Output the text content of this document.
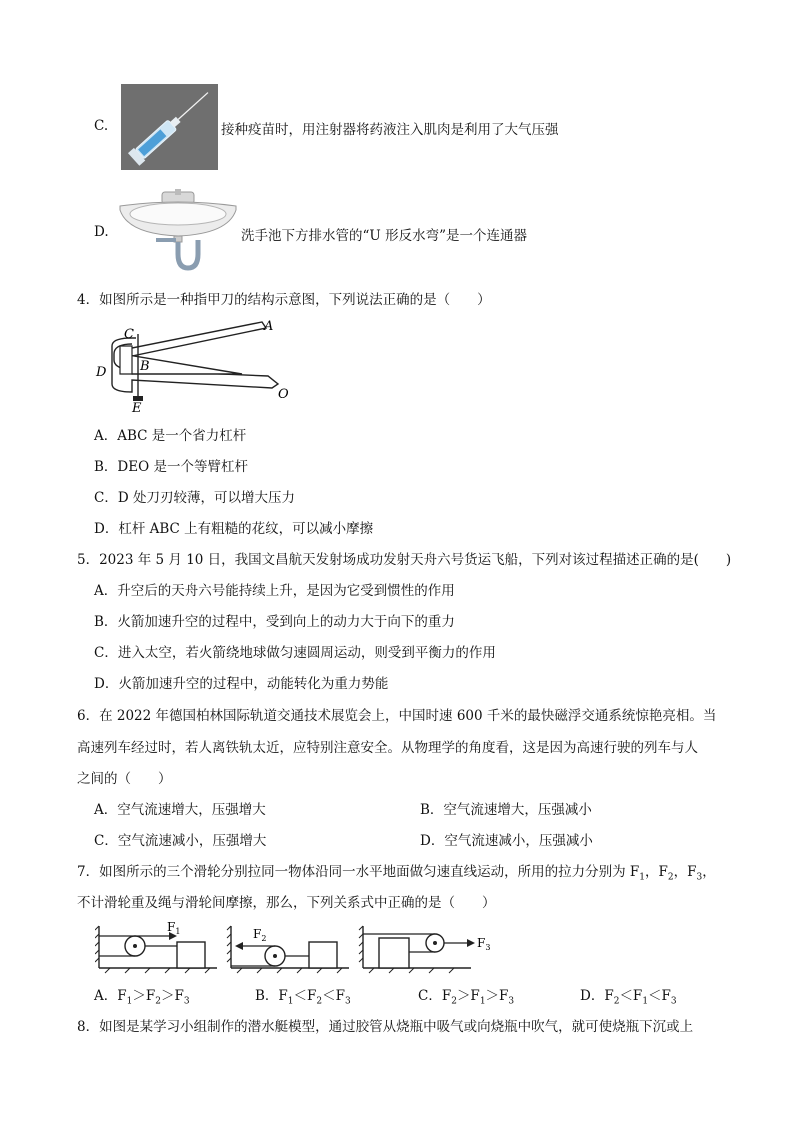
C.	接种疫苗时，用注射器将药液注入肌肉是利用了大气压强
D.	洗手池下方排水管的“U 形反水弯”是一个连通器
4．如图所示是一种指甲刀的结构示意图，下列说法正确的是（　　）
C
A
B
D
E
O
A．ABC 是一个省力杠杆
B．DEO 是一个等臂杠杆
C．D 处刀刃较薄，可以增大压力
D．杠杆 ABC 上有粗糙的花纹，可以减小摩擦
5．2023 年 5 月 10 日，我国文昌航天发射场成功发射天舟六号货运飞船，下列对该过程描述正确的是(　　)
A．升空后的天舟六号能持续上升，是因为它受到惯性的作用
B．火箭加速升空的过程中，受到向上的动力大于向下的重力
C．进入太空，若火箭绕地球做匀速圆周运动，则受到平衡力的作用
D．火箭加速升空的过程中，动能转化为重力势能
6．在 2022 年德国柏林国际轨道交通技术展览会上，中国时速 600 千米的最快磁浮交通系统惊艳亮相。当
高速列车经过时，若人离铁轨太近，应特别注意安全。从物理学的角度看，这是因为高速行驶的列车与人
之间的（　　）
A．空气流速增大，压强增大	B．空气流速增大，压强减小
C．空气流速减小，压强增大	D．空气流速减小，压强减小
7．如图所示的三个滑轮分别拉同一物体沿同一水平地面做匀速直线运动，所用的拉力分别为 $F_1$，$F_2$，$F_3$，
不计滑轮重及绳与滑轮间摩擦，那么，下列关系式中正确的是（　　）
$F_1$	$F_2$	$F_3$
A．$F_1>F_2>F_3$	B．$F_1<F_2<F_3$	C．$F_2>F_1>F_3$	D．$F_2<F_1<F_3$
8．如图是某学习小组制作的潜水艇模型，通过胶管从烧瓶中吸气或向烧瓶中吹气，就可使烧瓶下沉或上
